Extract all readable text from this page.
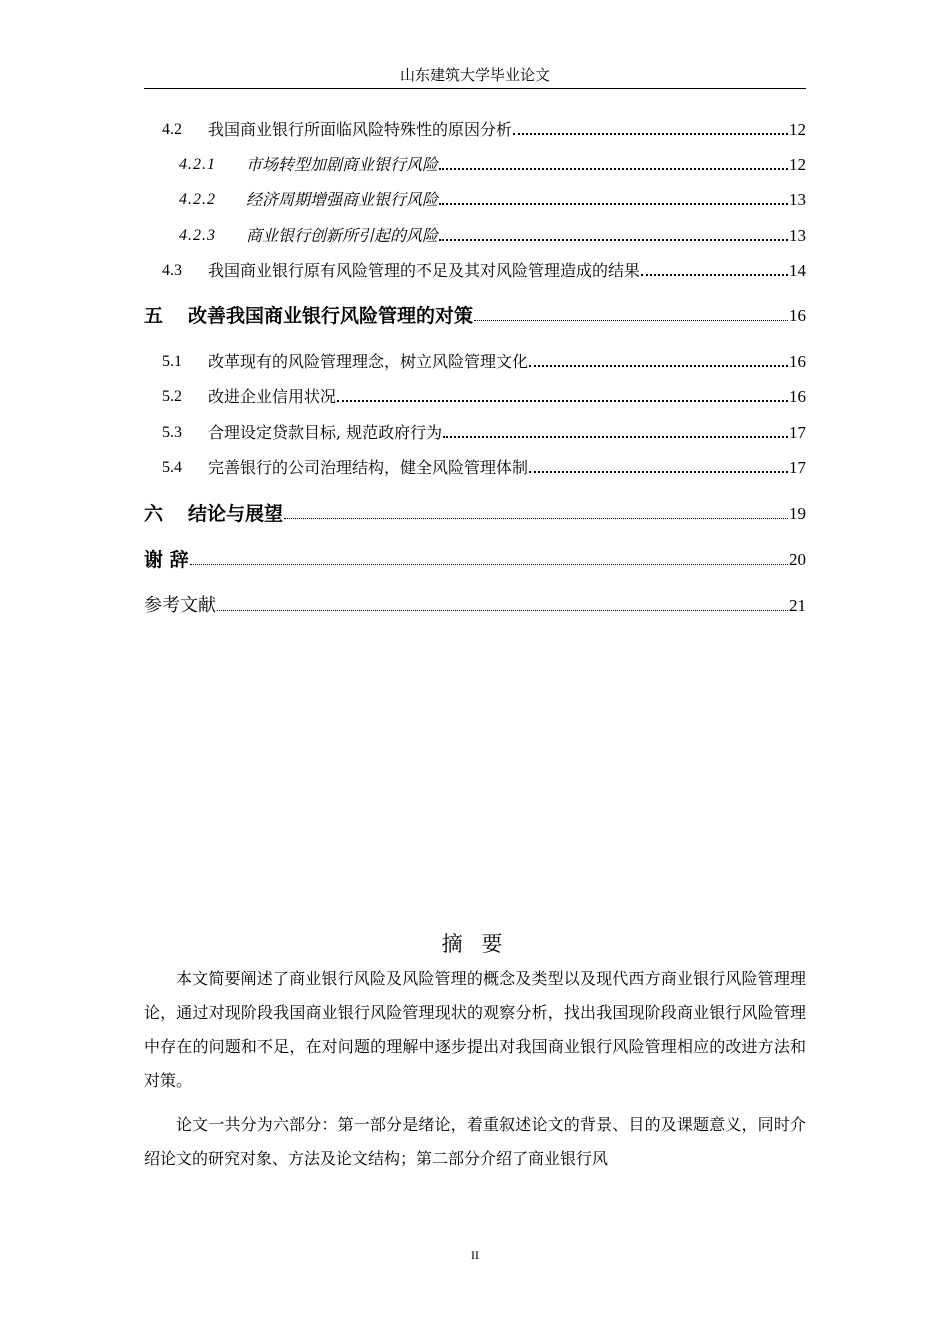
山东建筑大学毕业论文
4.2	我国商业银行所面临风险特殊性的原因分析	12
4.2.1	市场转型加剧商业银行风险	12
4.2.2	经济周期增强商业银行风险	13
4.2.3	商业银行创新所引起的风险	13
4.3	我国商业银行原有风险管理的不足及其对风险管理造成的结果	14
五	改善我国商业银行风险管理的对策	16
5.1	改革现有的风险管理理念，树立风险管理文化	16
5.2	改进企业信用状况	16
5.3	合理设定贷款目标, 规范政府行为	17
5.4	完善银行的公司治理结构，健全风险管理体制	17
六	结论与展望	19
谢 辞	20
参考文献	21
摘 要

本文简要阐述了商业银行风险及风险管理的概念及类型以及现代西方商业银行风险管理理论，通过对现阶段我国商业银行风险管理现状的观察分析，找出我国现阶段商业银行风险管理中存在的问题和不足，在对问题的理解中逐步提出对我国商业银行风险管理相应的改进方法和对策。

论文一共分为六部分：第一部分是绪论，着重叙述论文的背景、目的及课题意义，同时介绍论文的研究对象、方法及论文结构；第二部分介绍了商业银行风

II
